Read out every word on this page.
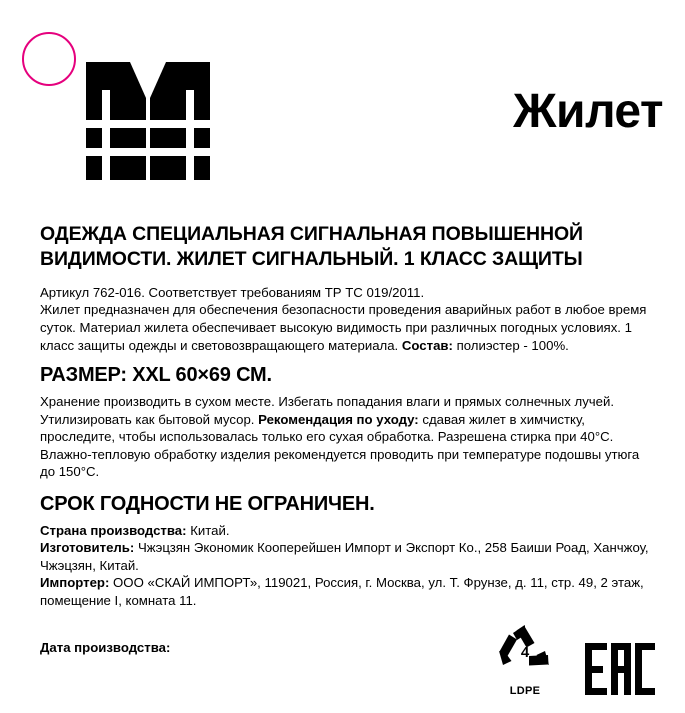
Жилет
ОДЕЖДА СПЕЦИАЛЬНАЯ СИГНАЛЬНАЯ ПОВЫШЕННОЙ ВИДИМОСТИ. ЖИЛЕТ СИГНАЛЬНЫЙ. 1 КЛАСС ЗАЩИТЫ

Артикул 762-016. Соответствует требованиям ТР ТС 019/2011.

Жилет предназначен для обеспечения безопасности проведения аварийных работ в любое время суток. Материал жилета обеспечивает высокую видимость при различных погодных условиях. 1 класс защиты одежды и световозвращающего материала. Состав: полиэстер - 100%.

РАЗМЕР: XXL 60×69 СМ.

Хранение производить в сухом месте. Избегать попадания влаги и прямых солнечных лучей. Утилизировать как бытовой мусор. Рекомендация по уходу: сдавая жилет в химчистку, проследите, чтобы использовалась только его сухая обработка. Разрешена стирка при 40°С. Влажно-тепловую обработку изделия рекомендуется проводить при температуре подошвы утюга до 150°С.

СРОК ГОДНОСТИ НЕ ОГРАНИЧЕН.

Страна производства: Китай.

Изготовитель: Чжэцзян Экономик Кооперейшен Импорт и Экспорт Ко., 258 Баиши Роад, Ханчжоу, Чжэцзян, Китай.

Импортер: ООО «СКАЙ ИМПОРТ», 119021, Россия, г. Москва, ул. Т. Фрунзе, д. 11, стр. 49, 2 этаж, помещение I, комната 11.

Дата производства:	4
LDPE
